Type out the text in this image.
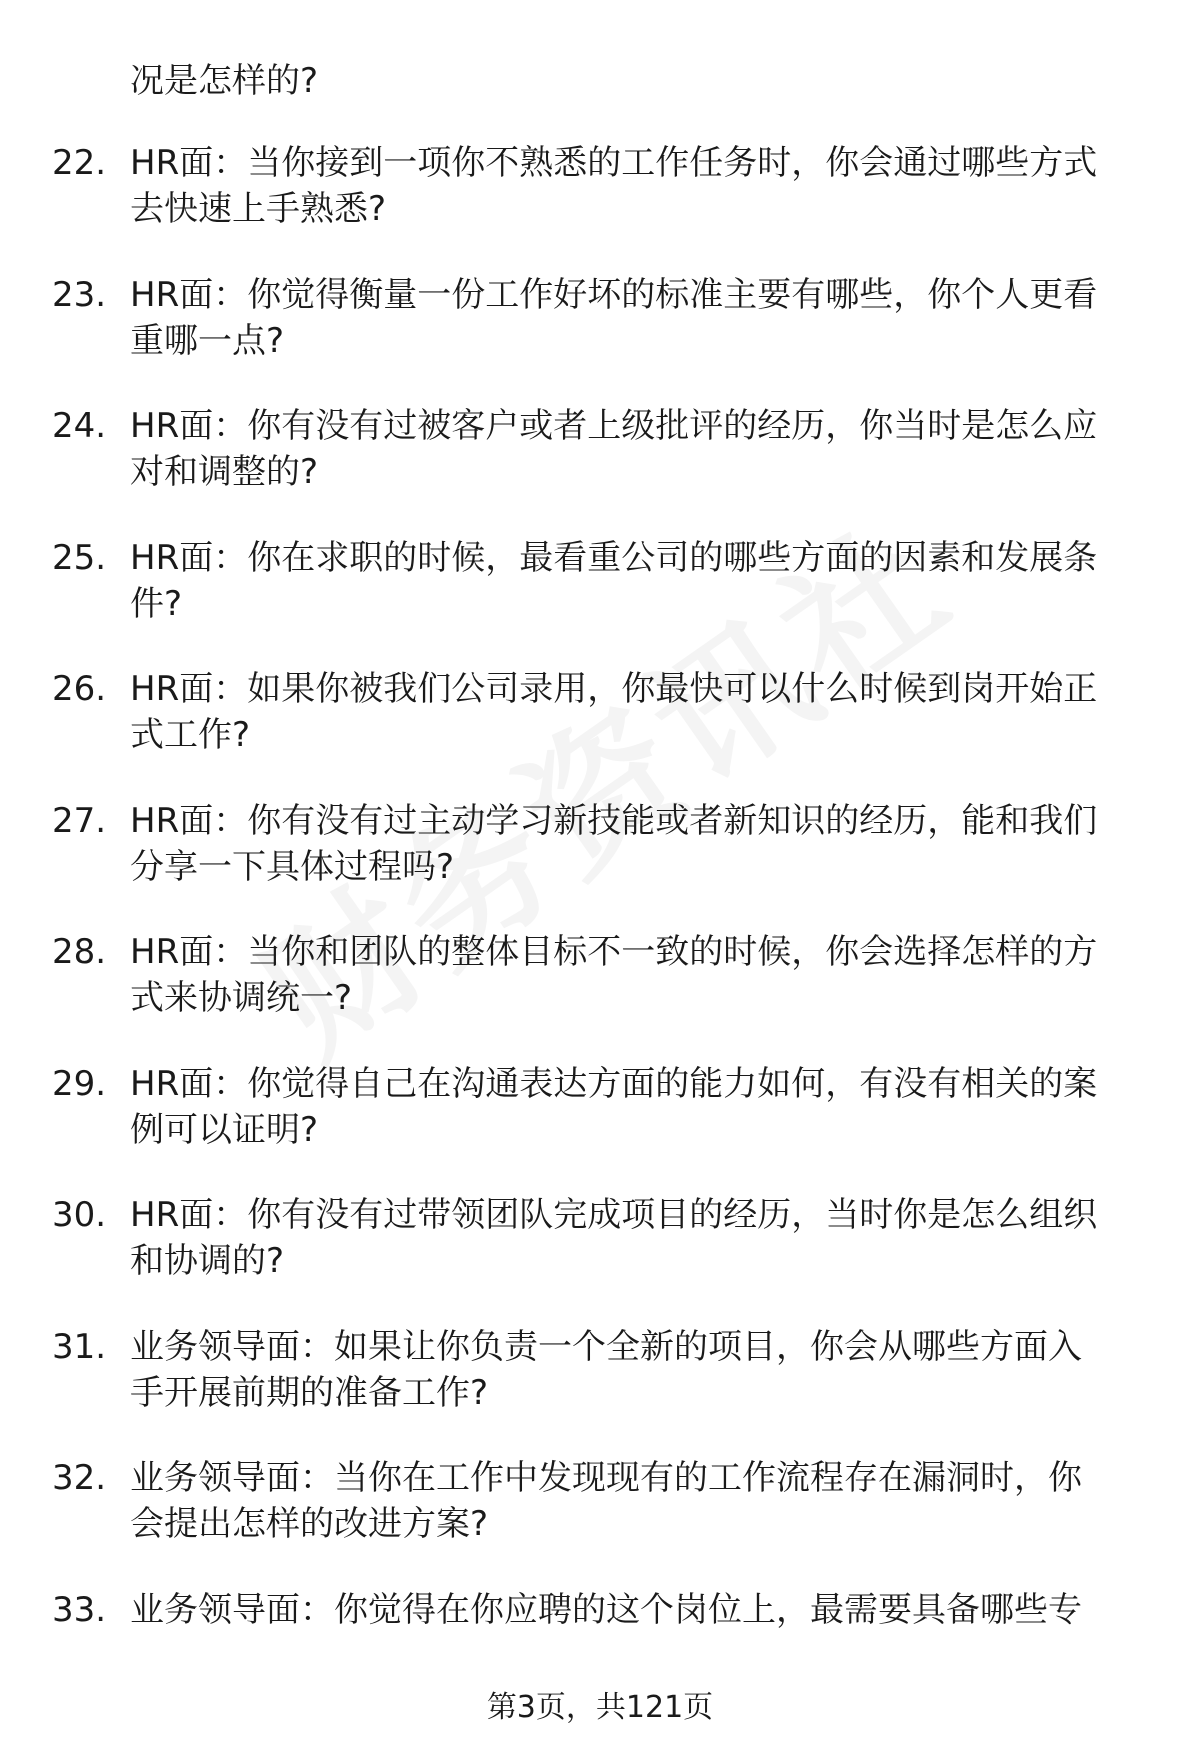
况是怎样的?
22. HR面：当你接到一项你不熟悉的工作任务时，你会通过哪些方式
去快速上手熟悉?
23. HR面：你觉得衡量一份工作好坏的标准主要有哪些，你个人更看
重哪一点?
24. HR面：你有没有过被客户或者上级批评的经历，你当时是怎么应
对和调整的?
25. HR面：你在求职的时候，最看重公司的哪些方面的因素和发展条
件?
26. HR面：如果你被我们公司录用，你最快可以什么时候到岗开始正
式工作?
27. HR面：你有没有过主动学习新技能或者新知识的经历，能和我们
分享一下具体过程吗?
28. HR面：当你和团队的整体目标不一致的时候，你会选择怎样的方
式来协调统一?
29. HR面：你觉得自己在沟通表达方面的能力如何，有没有相关的案
例可以证明?
30. HR面：你有没有过带领团队完成项目的经历，当时你是怎么组织
和协调的?
31. 业务领导面：如果让你负责一个全新的项目，你会从哪些方面入
手开展前期的准备工作?
32. 业务领导面：当你在工作中发现现有的工作流程存在漏洞时，你
会提出怎样的改进方案?
33. 业务领导面：你觉得在你应聘的这个岗位上，最需要具备哪些专
第3页，共121页
